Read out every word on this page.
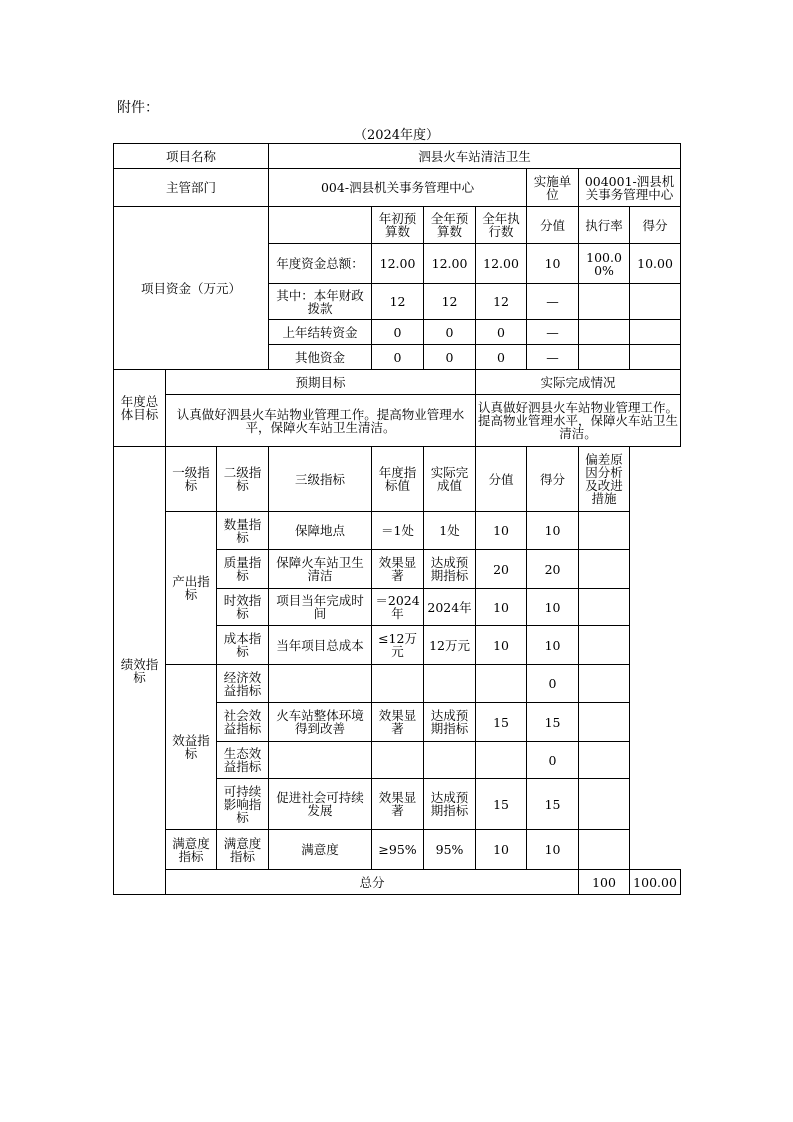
附件：
（2024年度）
项目名称			泗县火车站清洁卫生							
主管部门			004-泗县机关事务管理中心				实施单位	004001-泗县机关事务管理中心		
项目资金（万元）				年初预算数	全年预算数	全年执行数	分值	执行率	得分	
			年度资金总额：	12.00	12.00	12.00	10	100.00%	10.00	
			其中：本年财政拨款	12	12	12	—			
			上年结转资金	0	0	0	—			
			其他资金	0	0	0	—			
年度总体目标	预期目标					实际完成情况				
	认真做好泗县火车站物业管理工作。提高物业管理水平，保障火车站卫生清洁。					认真做好泗县火车站物业管理工作。提高物业管理水平，保障火车站卫生清洁。				
绩效指标	一级指标	二级指标	三级指标	年度指标值	实际完成值	分值	得分	偏差原因分析及改进措施		
	产出指标	数量指标	保障地点	＝1处	1处	10	10			
		质量指标	保障火车站卫生清洁	效果显著	达成预期指标	20	20			
		时效指标	项目当年完成时间	＝2024年	2024年	10	10			
		成本指标	当年项目总成本	≤12万元	12万元	10	10			
	效益指标	经济效益指标					0			
		社会效益指标	火车站整体环境得到改善	效果显著	达成预期指标	15	15			
		生态效益指标					0			
		可持续影响指标	促进社会可持续发展	效果显著	达成预期指标	15	15			
	满意度指标	满意度指标	满意度	≥95%	95%	10	10			
	总分							100	100.00	
